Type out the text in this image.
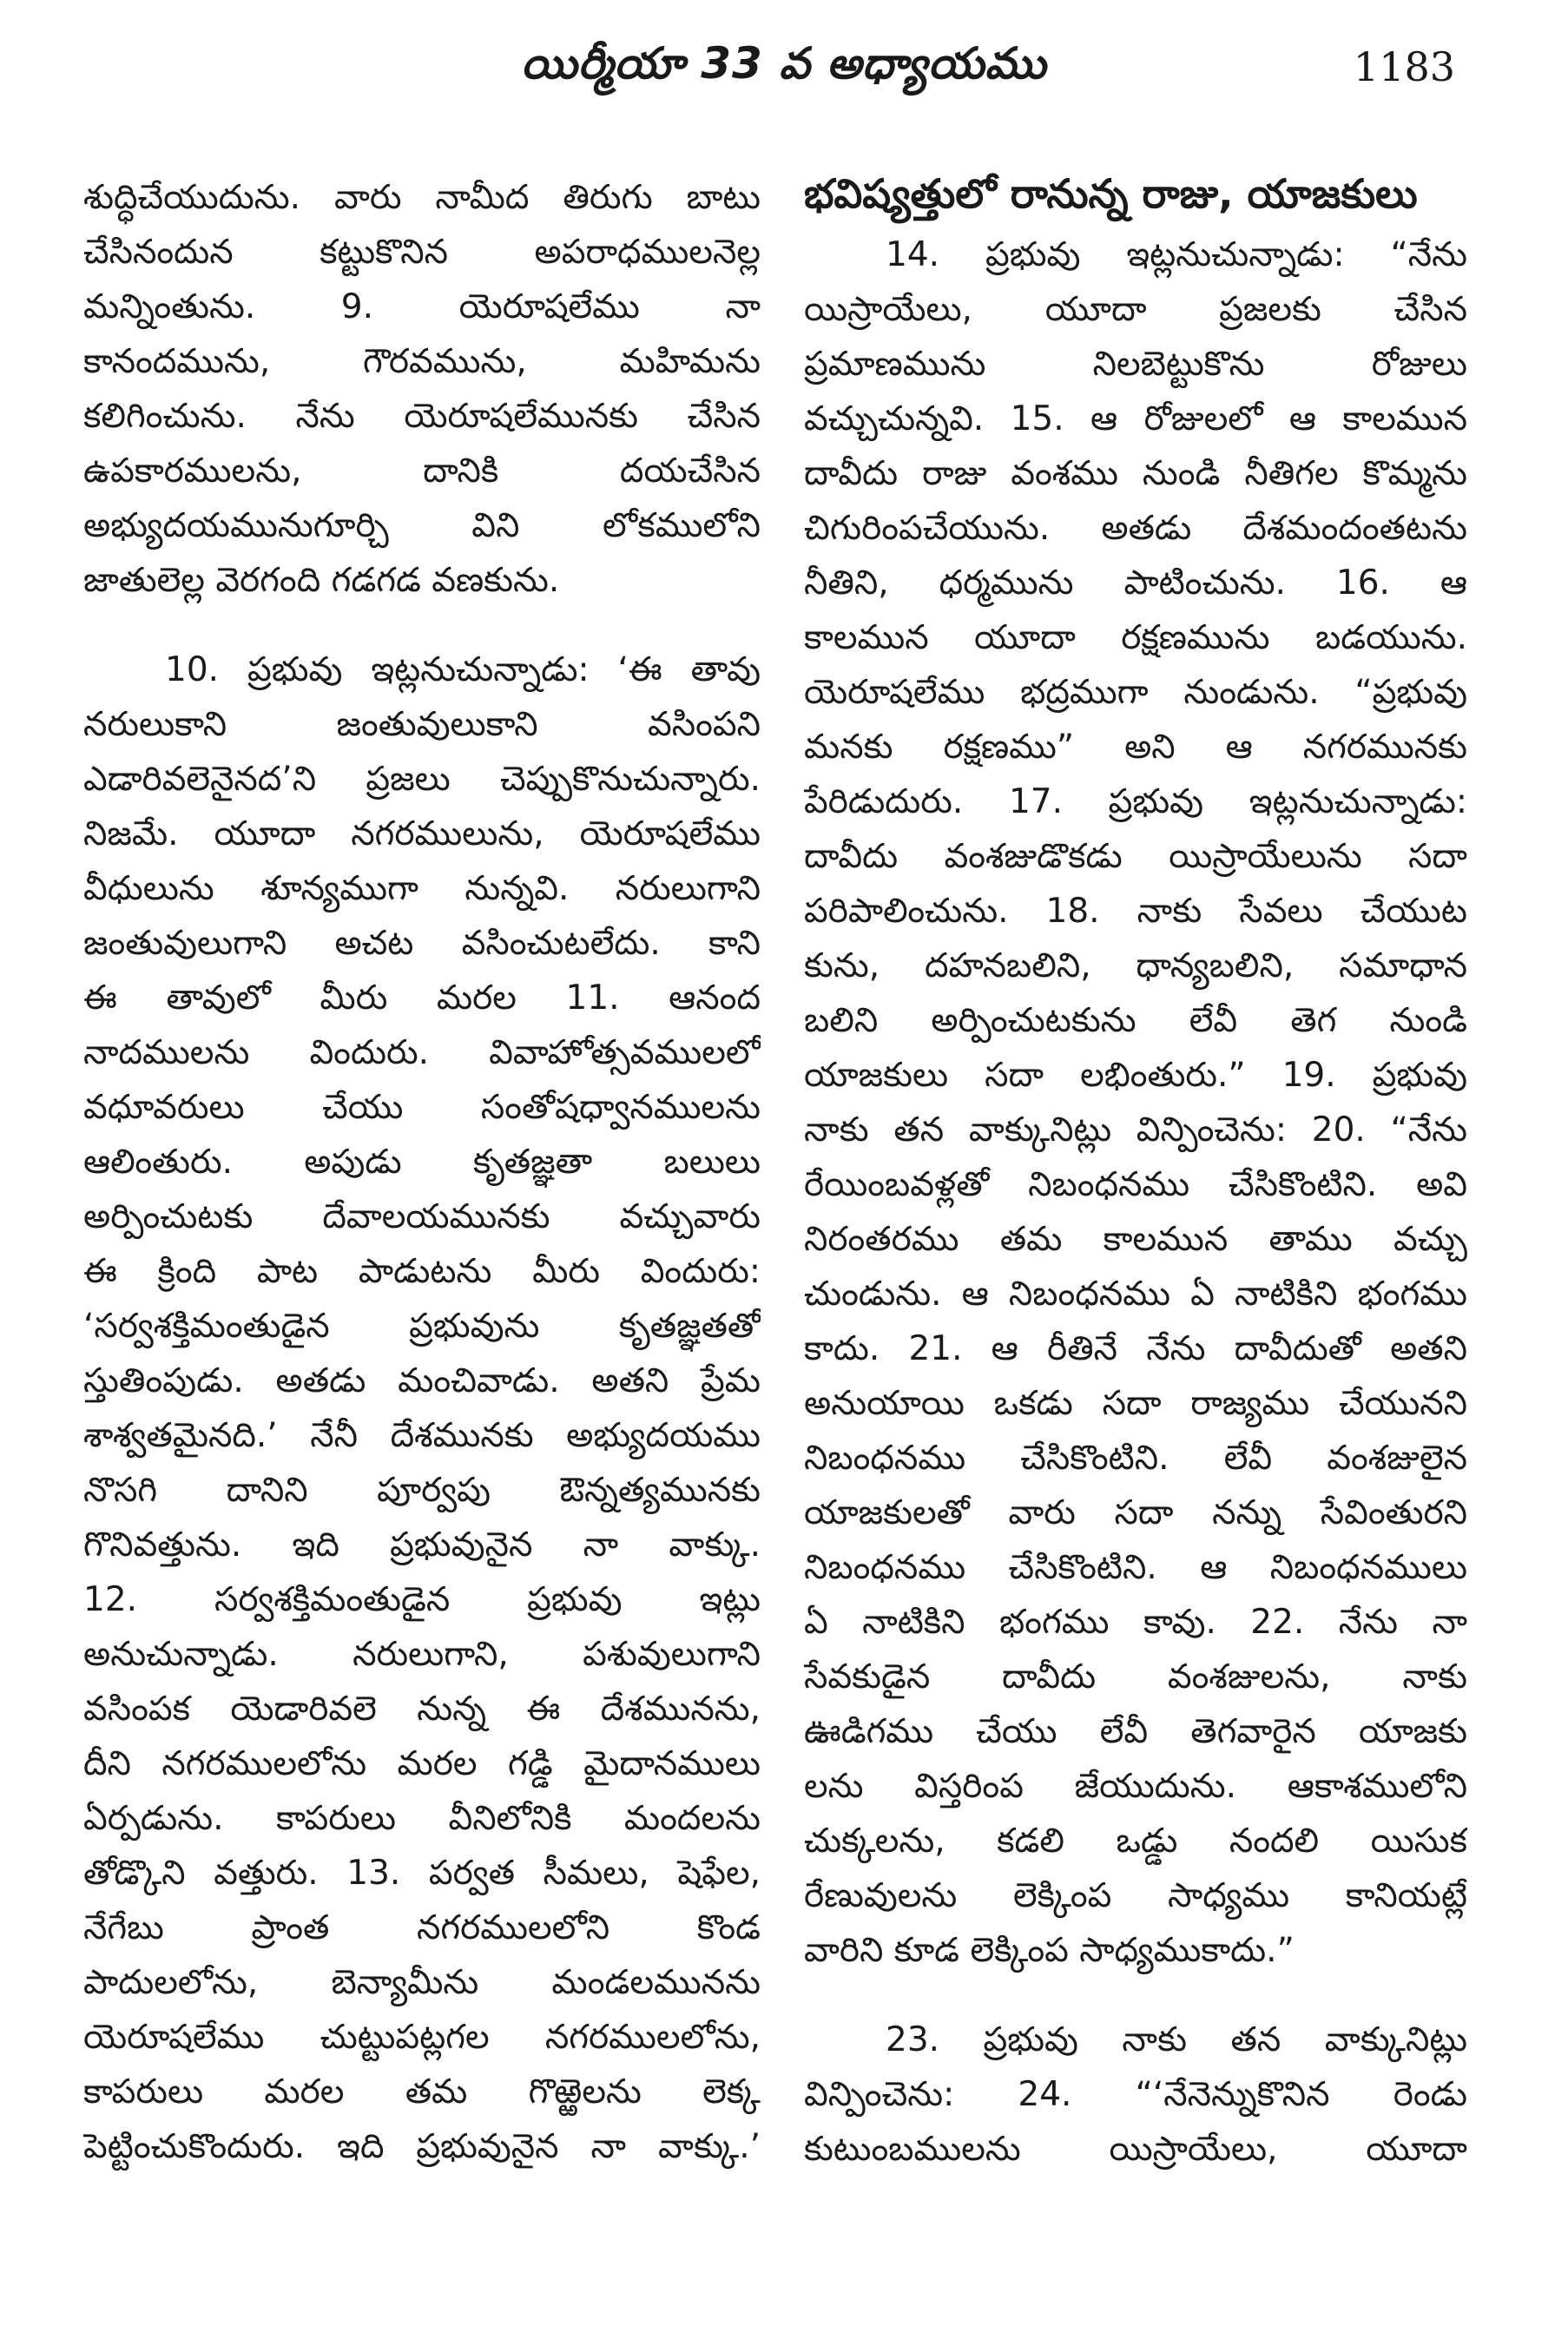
యిర్మీయా 33 వ అధ్యాయము	1183
శుద్ధిచేయుదును. వారు నామీద తిరుగు బాటు
చేసినందున కట్టుకొనిన అపరాధములనెల్ల
మన్నింతును. 9. యెరూషలేము నా
కానందమును, గౌరవమును, మహిమను
కలిగించును. నేను యెరూషలేమునకు చేసిన
ఉపకారములను, దానికి దయచేసిన
అభ్యుదయమునుగూర్చి విని లోకములోని
జాతులెల్ల వెరగంది గడగడ వణకును.
10. ప్రభువు ఇట్లనుచున్నాడు: ‘ఈ తావు
నరులుకాని జంతువులుకాని వసింపని
ఎడారివలెనైనద’ని ప్రజలు చెప్పుకొనుచున్నారు.
నిజమే. యూదా నగరములును, యెరూషలేము
వీధులును శూన్యముగా నున్నవి. నరులుగాని
జంతువులుగాని అచట వసించుటలేదు. కాని
ఈ తావులో మీరు మరల 11. ఆనంద
నాదములను విందురు. వివాహోత్సవములలో
వధూవరులు చేయు సంతోషధ్వానములను
ఆలింతురు. అపుడు కృతజ్ఞతా బలులు
అర్పించుటకు దేవాలయమునకు వచ్చువారు
ఈ క్రింది పాట పాడుటను మీరు విందురు:
‘సర్వశక్తిమంతుడైన ప్రభువును కృతజ్ఞతతో
స్తుతింపుడు. అతడు మంచివాడు. అతని ప్రేమ
శాశ్వతమైనది.’ నేనీ దేశమునకు అభ్యుదయము
నొసగి దానిని పూర్వపు ఔన్నత్యమునకు
గొనివత్తును. ఇది ప్రభువునైన నా వాక్కు.
12. సర్వశక్తిమంతుడైన ప్రభువు ఇట్లు
అనుచున్నాడు. నరులుగాని, పశువులుగాని
వసింపక యెడారివలె నున్న ఈ దేశమునను,
దీని నగరములలోను మరల గడ్డి మైదానములు
ఏర్పడును. కాపరులు వీనిలోనికి మందలను
తోడ్కొని వత్తురు. 13. పర్వత సీమలు, షెఫేల,
నేగేబు ప్రాంత నగరములలోని కొండ
పాదులలోను, బెన్యామీను మండలమునను
యెరూషలేము చుట్టుపట్లగల నగరములలోను,
కాపరులు మరల తమ గొఱ్ఱెలను లెక్క
పెట్టించుకొందురు. ఇది ప్రభువునైన నా వాక్కు.’
భవిష్యత్తులో రానున్న రాజు, యాజకులు
14. ప్రభువు ఇట్లనుచున్నాడు: “నేను
యిస్రాయేలు, యూదా ప్రజలకు చేసిన
ప్రమాణమును నిలబెట్టుకొను రోజులు
వచ్చుచున్నవి. 15. ఆ రోజులలో ఆ కాలమున
దావీదు రాజు వంశము నుండి నీతిగల కొమ్మను
చిగురింపచేయును. అతడు దేశమందంతటను
నీతిని, ధర్మమును పాటించును. 16. ఆ
కాలమున యూదా రక్షణమును బడయును.
యెరూషలేము భద్రముగా నుండును. “ప్రభువు
మనకు రక్షణము” అని ఆ నగరమునకు
పేరిడుదురు. 17. ప్రభువు ఇట్లనుచున్నాడు:
దావీదు వంశజుడొకడు యిస్రాయేలును సదా
పరిపాలించును. 18. నాకు సేవలు చేయుట
కును, దహనబలిని, ధాన్యబలిని, సమాధాన
బలిని అర్పించుటకును లేవీ తెగ నుండి
యాజకులు సదా లభింతురు.” 19. ప్రభువు
నాకు తన వాక్కునిట్లు విన్పించెను: 20. “నేను
రేయింబవళ్లతో నిబంధనము చేసికొంటిని. అవి
నిరంతరము తమ కాలమున తాము వచ్చు
చుండును. ఆ నిబంధనము ఏ నాటికిని భంగము
కాదు. 21. ఆ రీతినే నేను దావీదుతో అతని
అనుయాయి ఒకడు సదా రాజ్యము చేయునని
నిబంధనము చేసికొంటిని. లేవీ వంశజులైన
యాజకులతో వారు సదా నన్ను సేవింతురని
నిబంధనము చేసికొంటిని. ఆ నిబంధనములు
ఏ నాటికిని భంగము కావు. 22. నేను నా
సేవకుడైన దావీదు వంశజులను, నాకు
ఊడిగము చేయు లేవీ తెగవారైన యాజకు
లను విస్తరింప జేయుదును. ఆకాశములోని
చుక్కలను, కడలి ఒడ్డు నందలి యిసుక
రేణువులను లెక్కింప సాధ్యము కానియట్లే
వారిని కూడ లెక్కింప సాధ్యముకాదు.”
23. ప్రభువు నాకు తన వాక్కునిట్లు
విన్పించెను: 24. “‘నేనెన్నుకొనిన రెండు
కుటుంబములను యిస్రాయేలు, యూదా
